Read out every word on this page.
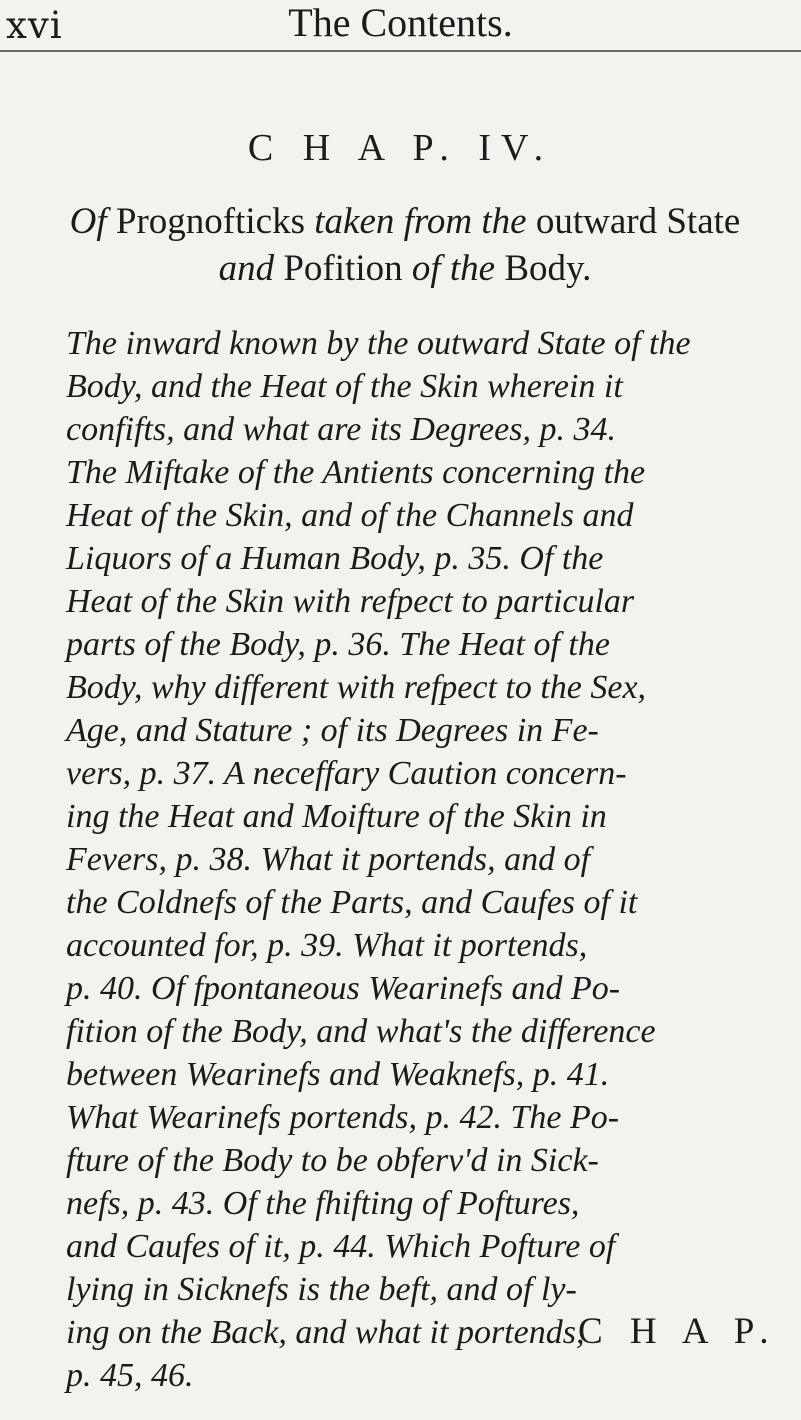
xvi	The Contents.
C H A P. IV.
Of Prognofticks taken from the outward State and Pofition of the Body.
The inward known by the outward State of the
Body, and the Heat of the Skin wherein it
confifts, and what are its Degrees, p. 34.
The Miftake of the Antients concerning the
Heat of the Skin, and of the Channels and
Liquors of a Human Body, p. 35. Of the
Heat of the Skin with refpect to particular
parts of the Body, p. 36. The Heat of the
Body, why different with refpect to the Sex,
Age, and Stature ; of its Degrees in Fe-
vers, p. 37. A neceffary Caution concern-
ing the Heat and Moifture of the Skin in
Fevers, p. 38. What it portends, and of
the Coldnefs of the Parts, and Caufes of it
accounted for, p. 39. What it portends,
p. 40. Of fpontaneous Wearinefs and Po-
fition of the Body, and what's the difference
between Wearinefs and Weaknefs, p. 41.
What Wearinefs portends, p. 42. The Po-
fture of the Body to be obferv'd in Sick-
nefs, p. 43. Of the fhifting of Poftures,
and Caufes of it, p. 44. Which Pofture of
lying in Sicknefs is the beft, and of ly-
ing on the Back, and what it portends,
p. 45, 46.
C H A P.
